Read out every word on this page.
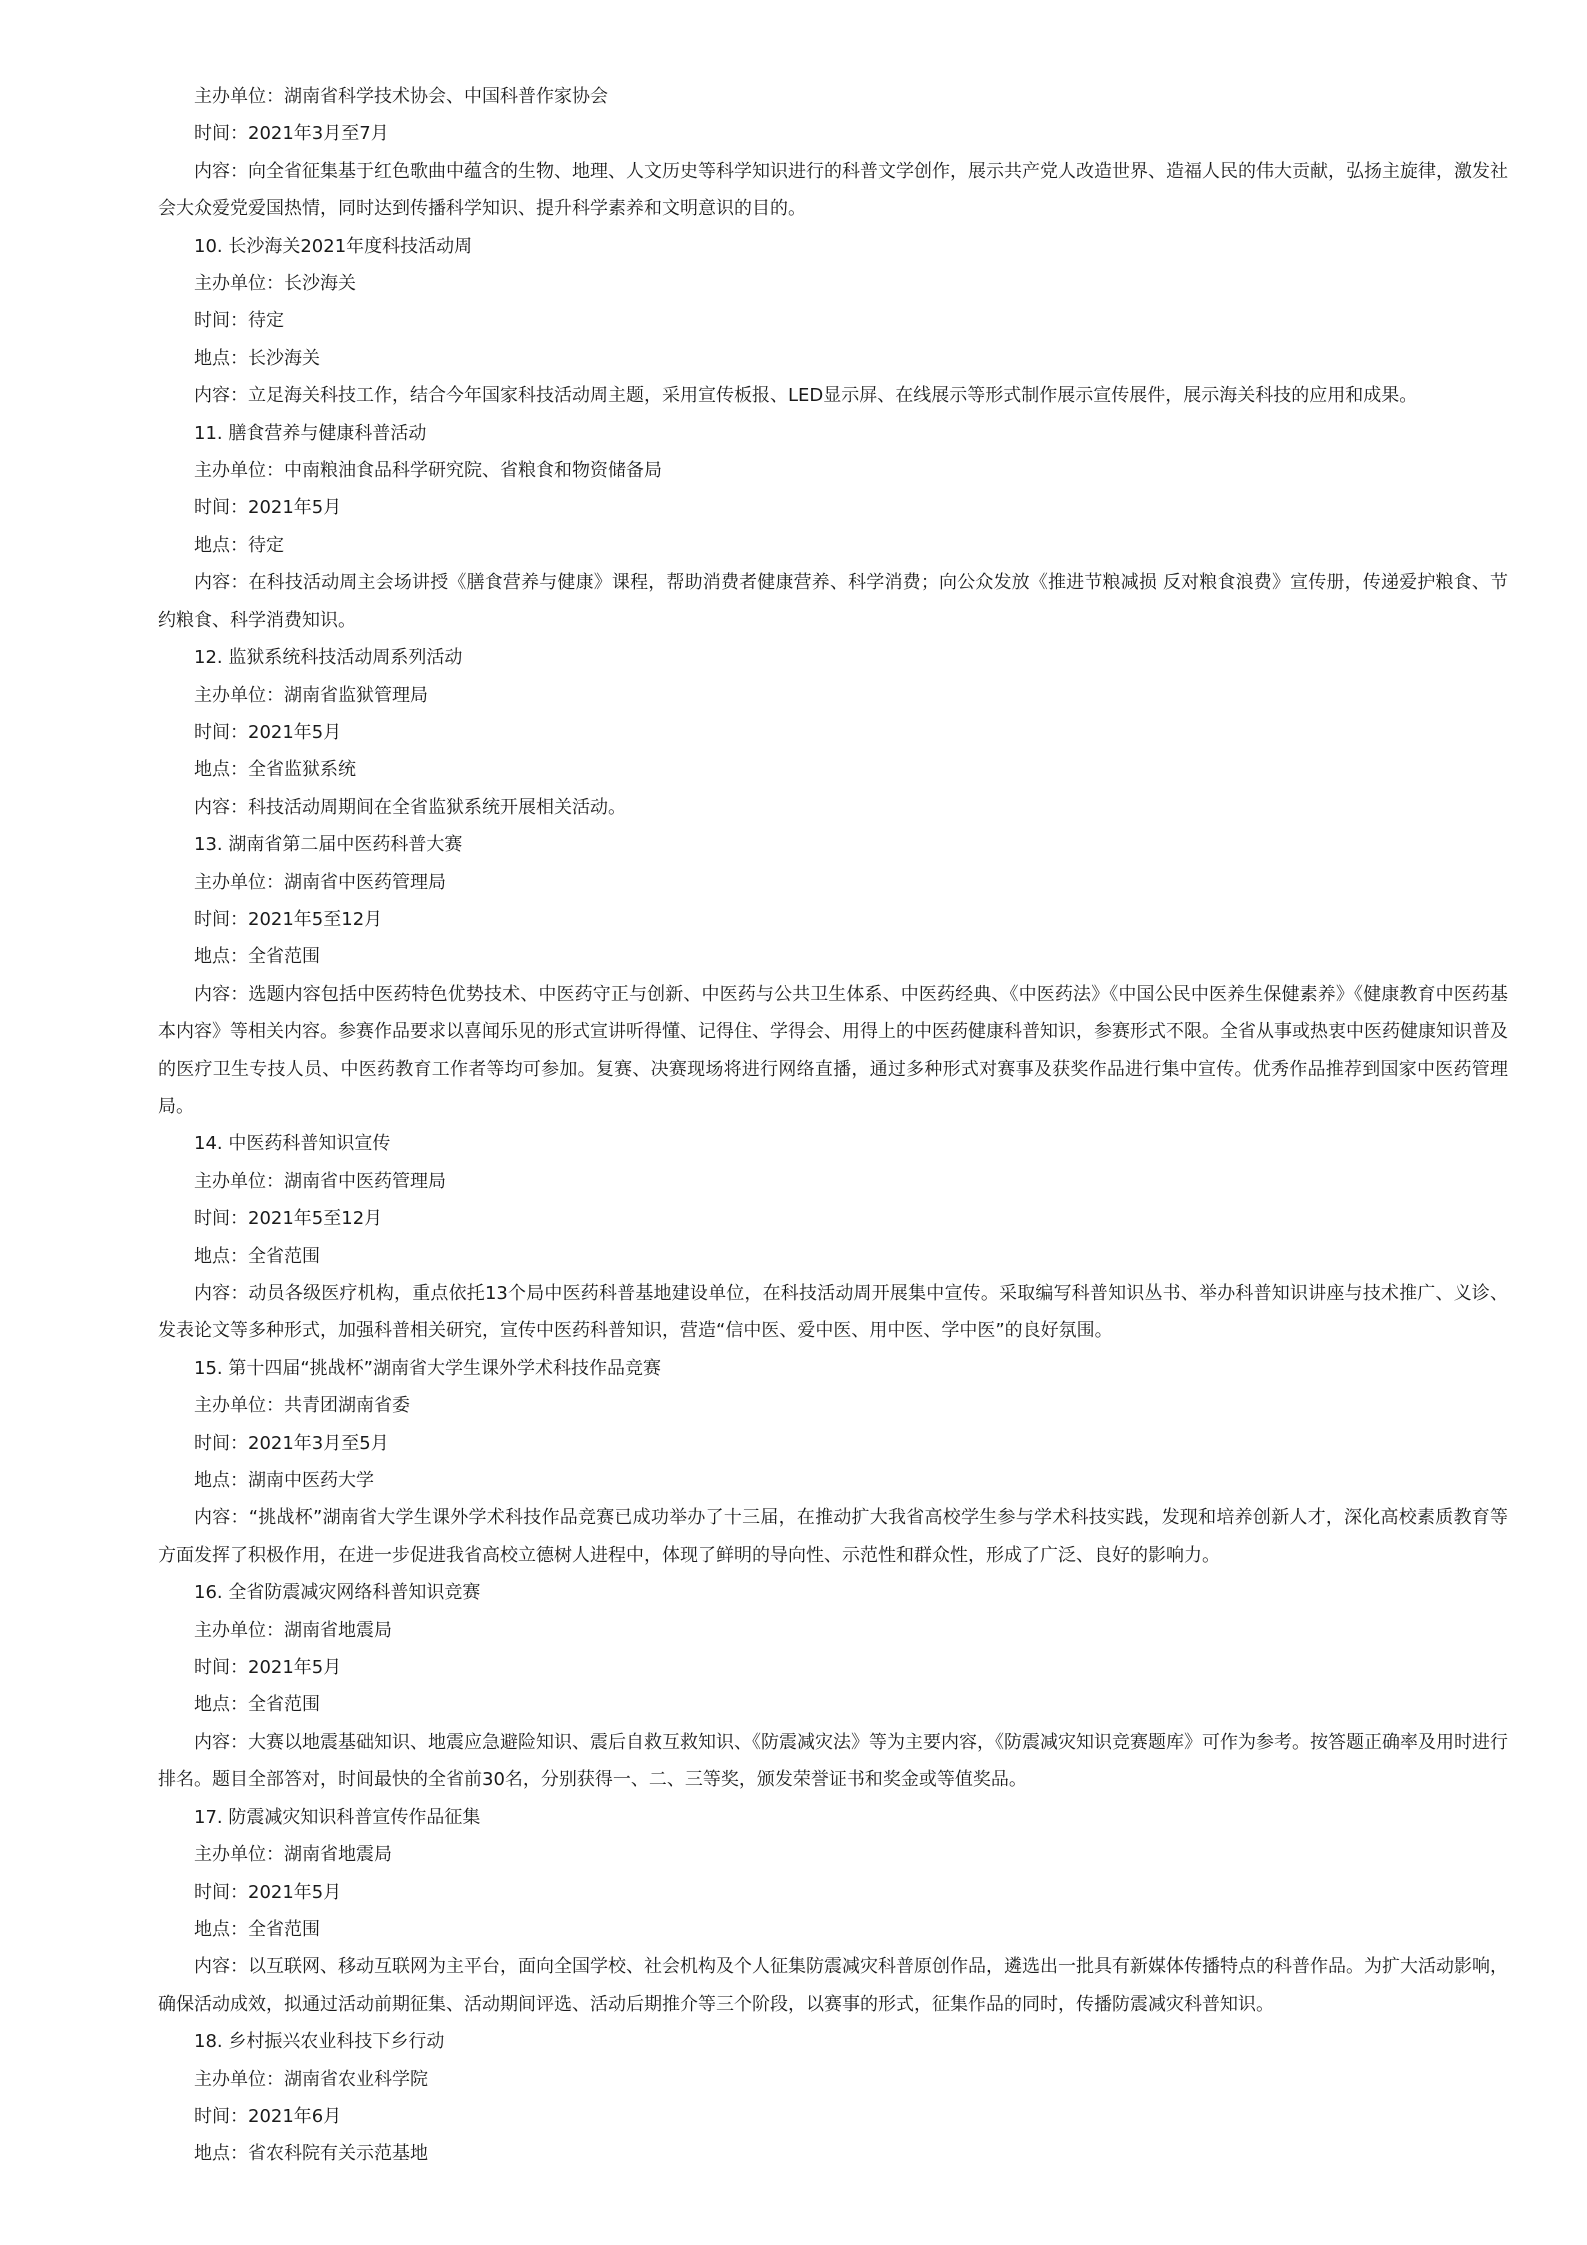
主办单位：湖南省科学技术协会、中国科普作家协会

时间：2021年3月至7月

内容：向全省征集基于红色歌曲中蕴含的生物、地理、人文历史等科学知识进行的科普文学创作，展示共产党人改造世界、造福人民的伟大贡献，弘扬主旋律，激发社会大众爱党爱国热情，同时达到传播科学知识、提升科学素养和文明意识的目的。

10. 长沙海关2021年度科技活动周

主办单位：长沙海关

时间：待定

地点：长沙海关

内容：立足海关科技工作，结合今年国家科技活动周主题，采用宣传板报、LED显示屏、在线展示等形式制作展示宣传展件，展示海关科技的应用和成果。

11. 膳食营养与健康科普活动

主办单位：中南粮油食品科学研究院、省粮食和物资储备局

时间：2021年5月

地点：待定

内容：在科技活动周主会场讲授《膳食营养与健康》课程，帮助消费者健康营养、科学消费；向公众发放《推进节粮减损 反对粮食浪费》宣传册，传递爱护粮食、节约粮食、科学消费知识。

12. 监狱系统科技活动周系列活动

主办单位：湖南省监狱管理局

时间：2021年5月

地点：全省监狱系统

内容：科技活动周期间在全省监狱系统开展相关活动。

13. 湖南省第二届中医药科普大赛

主办单位：湖南省中医药管理局

时间：2021年5至12月

地点：全省范围

内容：选题内容包括中医药特色优势技术、中医药守正与创新、中医药与公共卫生体系、中医药经典、《中医药法》《中国公民中医养生保健素养》《健康教育中医药基本内容》等相关内容。参赛作品要求以喜闻乐见的形式宣讲听得懂、记得住、学得会、用得上的中医药健康科普知识，参赛形式不限。全省从事或热衷中医药健康知识普及的医疗卫生专技人员、中医药教育工作者等均可参加。复赛、决赛现场将进行网络直播，通过多种形式对赛事及获奖作品进行集中宣传。优秀作品推荐到国家中医药管理局。

14. 中医药科普知识宣传

主办单位：湖南省中医药管理局

时间：2021年5至12月

地点：全省范围

内容：动员各级医疗机构，重点依托13个局中医药科普基地建设单位，在科技活动周开展集中宣传。采取编写科普知识丛书、举办科普知识讲座与技术推广、义诊、发表论文等多种形式，加强科普相关研究，宣传中医药科普知识，营造“信中医、爱中医、用中医、学中医”的良好氛围。

15. 第十四届“挑战杯”湖南省大学生课外学术科技作品竞赛

主办单位：共青团湖南省委

时间：2021年3月至5月

地点：湖南中医药大学

内容：“挑战杯”湖南省大学生课外学术科技作品竞赛已成功举办了十三届，在推动扩大我省高校学生参与学术科技实践，发现和培养创新人才，深化高校素质教育等方面发挥了积极作用，在进一步促进我省高校立德树人进程中，体现了鲜明的导向性、示范性和群众性，形成了广泛、良好的影响力。

16. 全省防震减灾网络科普知识竞赛

主办单位：湖南省地震局

时间：2021年5月

地点：全省范围

内容：大赛以地震基础知识、地震应急避险知识、震后自救互救知识、《防震减灾法》等为主要内容，《防震减灾知识竞赛题库》可作为参考。按答题正确率及用时进行排名。题目全部答对，时间最快的全省前30名，分别获得一、二、三等奖，颁发荣誉证书和奖金或等值奖品。

17. 防震减灾知识科普宣传作品征集

主办单位：湖南省地震局

时间：2021年5月

地点：全省范围

内容：以互联网、移动互联网为主平台，面向全国学校、社会机构及个人征集防震减灾科普原创作品，遴选出一批具有新媒体传播特点的科普作品。为扩大活动影响，确保活动成效，拟通过活动前期征集、活动期间评选、活动后期推介等三个阶段，以赛事的形式，征集作品的同时，传播防震减灾科普知识。

18. 乡村振兴农业科技下乡行动

主办单位：湖南省农业科学院

时间：2021年6月

地点：省农科院有关示范基地
